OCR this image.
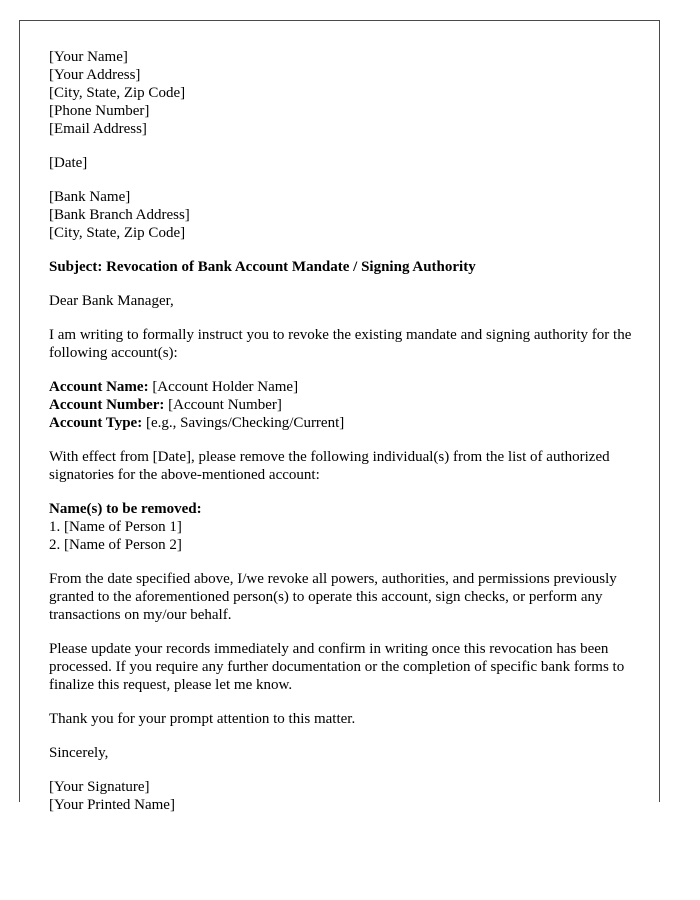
[Your Name]
[Your Address]
[City, State, Zip Code]
[Phone Number]
[Email Address]
[Date]
[Bank Name]
[Bank Branch Address]
[City, State, Zip Code]
Subject: Revocation of Bank Account Mandate / Signing Authority
Dear Bank Manager,
I am writing to formally instruct you to revoke the existing mandate and signing authority for the following account(s):
Account Name: [Account Holder Name]
Account Number: [Account Number]
Account Type: [e.g., Savings/Checking/Current]
With effect from [Date], please remove the following individual(s) from the list of authorized signatories for the above-mentioned account:
Name(s) to be removed:
1. [Name of Person 1]
2. [Name of Person 2]
From the date specified above, I/we revoke all powers, authorities, and permissions previously granted to the aforementioned person(s) to operate this account, sign checks, or perform any transactions on my/our behalf.
Please update your records immediately and confirm in writing once this revocation has been processed. If you require any further documentation or the completion of specific bank forms to finalize this request, please let me know.
Thank you for your prompt attention to this matter.
Sincerely,
[Your Signature]
[Your Printed Name]
